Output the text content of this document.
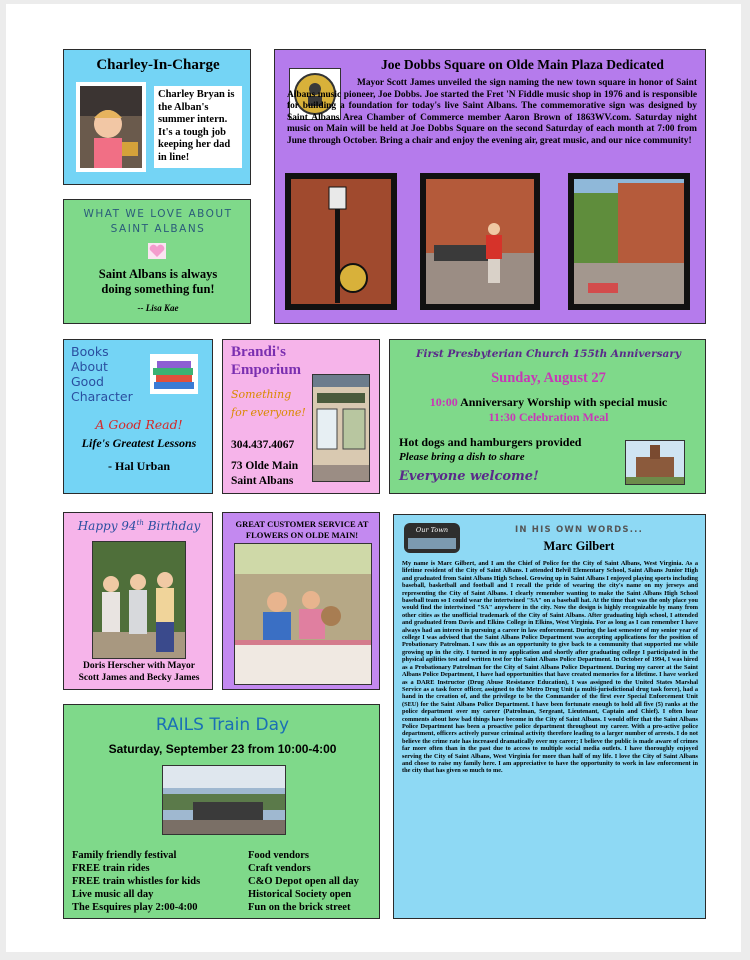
Charley-In-Charge
Charley Bryan is the Alban's summer intern. It's a tough job keeping her dad in line!
Joe Dobbs Square on Olde Main Plaza Dedicated
Mayor Scott James unveiled the sign naming the new town square in honor of Saint Albans music pioneer, Joe Dobbs. Joe started the Fret 'N Fiddle music shop in 1976 and is responsible for building a foundation for today's live Saint Albans. The commemorative sign was designed by Saint Albans Area Chamber of Commerce member Aaron Brown of 1863WV.com. Saturday night music on Main will be held at Joe Dobbs Square on the second Saturday of each month at 7:00 from June through October. Bring a chair and enjoy the evening air, great music, and our nice community!
WHAT WE LOVE ABOUT
SAINT ALBANS
Saint Albans is always doing something fun!
-- Lisa Kae
Books
About
Good
Character
A Good Read!
Life's Greatest Lessons
- Hal Urban
Brandi's
Emporium
Something
for everyone!
304.437.4067
73 Olde Main
Saint Albans
First Presbyterian Church 155th Anniversary
Sunday, August 27
10:00 Anniversary Worship with special music
11:30 Celebration Meal
Hot dogs and hamburgers provided
Please bring a dish to share
Everyone welcome!
Happy 94th Birthday
Doris Herscher with Mayor Scott James and Becky James
GREAT CUSTOMER SERVICE AT FLOWERS ON OLDE MAIN!	Our Town	IN HIS OWN WORDS...
Marc Gilbert
My name is Marc Gilbert, and I am the Chief of Police for the City of Saint Albans, West Virginia. As a lifetime resident of the City of Saint Albans. I attended Belvil Elementary School, Saint Albans Junior High and graduated from Saint Albans High School. Growing up in Saint Albans I enjoyed playing sports including baseball, basketball and football and I recall the pride of wearing the city's name on my jerseys and representing the City of Saint Albans. I clearly remember wanting to make the Saint Albans High School baseball team so I could wear the intertwined "SA" on a baseball hat. At the time that was the only place you would find the intertwined "SA" anywhere in the city. Now the design is highly recognizable by many from other cities as the unofficial trademark of the City of Saint Albans. After graduating high school, I attended and graduated from Davis and Elkins College in Elkins, West Virginia. For as long as I can remember I have always had an interest in pursuing a career in law enforcement. During the last semester of my senior year of college I was advised that the Saint Albans Police Department was accepting applications for the position of Probationary Patrolman. I saw this as an opportunity to give back to a community that supported me while growing up in the city. I turned in my application and shortly after graduating college I participated in the physical agilities test and written test for the Saint Albans Police Department. In October of 1994, I was hired as a Probationary Patrolman for the City of Saint Albans Police Department. During my career at the Saint Albans Police Department, I have had opportunities that have created memories for a lifetime. I have worked as a DARE Instructor (Drug Abuse Resistance Education), I was assigned to the United States Marshal Service as a task force officer, assigned to the Metro Drug Unit (a multi-jurisdictional drug task force), had a hand in the creation of, and the privilege to be the Commander of the first ever Special Enforcement Unit (SEU) for the Saint Albans Police Department. I have been fortunate enough to hold all five (5) ranks at the police department over my career (Patrolman, Sergeant, Lieutenant, Captain and Chief). I often hear comments about how bad things have become in the City of Saint Albans. I would offer that the Saint Albans Police Department has been a proactive police department throughout my career. With a pro-active police department, officers actively pursue criminal activity therefore leading to a larger number of arrests. I do not believe the crime rate has increased dramatically over my career; I believe the public is made aware of crimes far more often than in the past due to access to multiple social media outlets. I have thoroughly enjoyed serving the City of Saint Albans, West Virginia for more than half of my life. I love the City of Saint Albans and chose to raise my family here. I am appreciative to have the opportunity to work in law enforcement in the city that has given so much to me.
RAILS Train Day
Saturday, September 23 from 10:00-4:00
Family friendly festival
FREE train rides
FREE train whistles for kids
Live music all day
The Esquires play 2:00-4:00
Food vendors
Craft vendors
C&O Depot open all day
Historical Society open
Fun on the brick street
